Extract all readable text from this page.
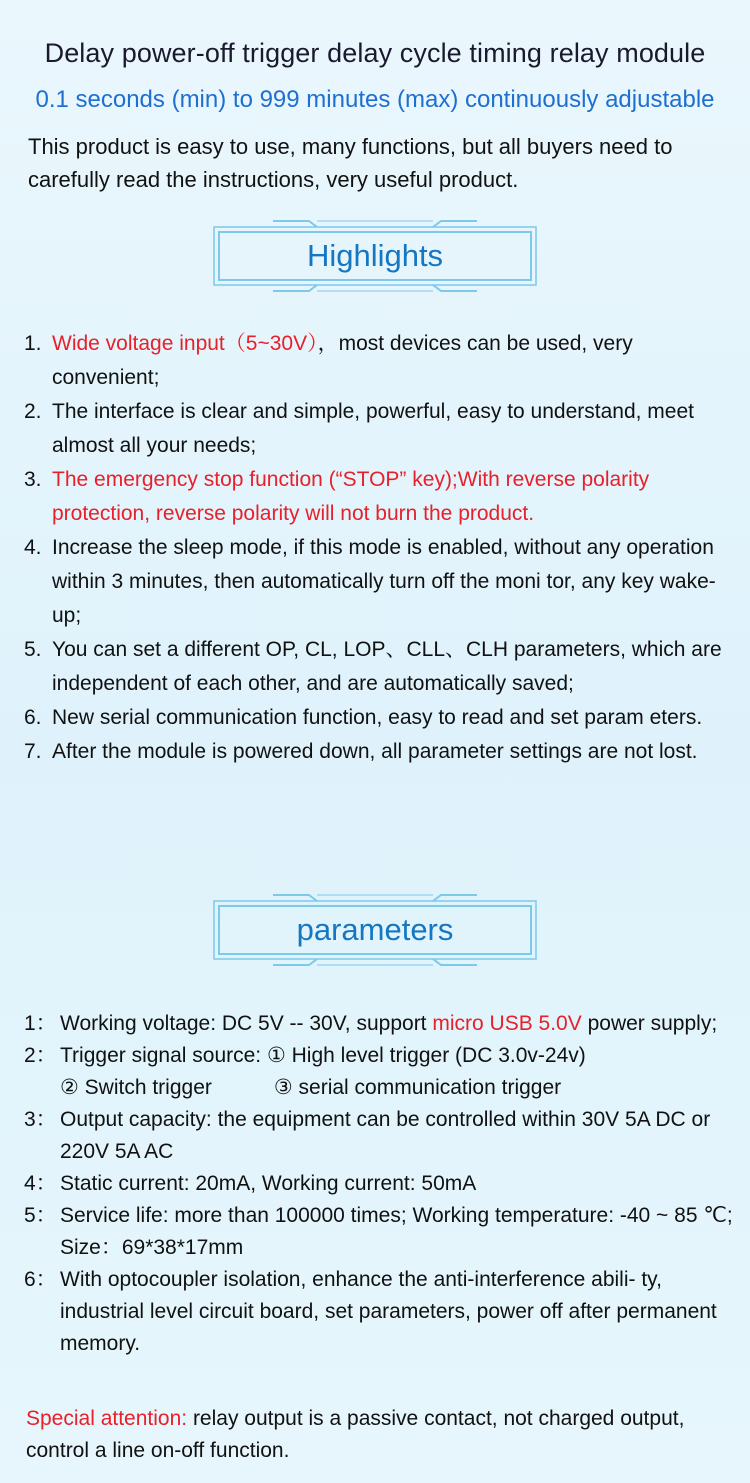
Delay power-off trigger delay cycle timing relay module
0.1 seconds (min) to 999 minutes (max) continuously adjustable
This product is easy to use, many functions, but all buyers need to carefully read the instructions, very useful product.
Highlights
1. Wide voltage input（5~30V），most devices can be used, very convenient;
2. The interface is clear and simple, powerful, easy to understand, meet almost all your needs;
3. The emergency stop function (“STOP” key);With reverse polarity protection, reverse polarity will not burn the product.
4. Increase the sleep mode, if this mode is enabled, without any operation within 3 minutes, then automatically turn off the moni tor, any key wake-up;
5. You can set a different OP, CL, LOP、CLL、CLH parameters, which are independent of each other, and are automatically saved;
6. New serial communication function, easy to read and set param eters.
7. After the module is powered down, all parameter settings are not lost.
parameters
1： Working voltage: DC 5V -- 30V, support micro USB 5.0V power supply;
2： Trigger signal source: ① High level trigger (DC 3.0v-24v)
② Switch trigger	③ serial communication trigger
3： Output capacity: the equipment can be controlled within 30V 5A DC or 220V 5A AC
4： Static current: 20mA, Working current: 50mA
5： Service life: more than 100000 times; Working temperature: -40 ~ 85 ℃; Size：69*38*17mm
6： With optocoupler isolation, enhance the anti-interference abili- ty, industrial level circuit board, set parameters, power off after permanent memory.
Special attention: relay output is a passive contact, not charged output, control a line on-off function.
